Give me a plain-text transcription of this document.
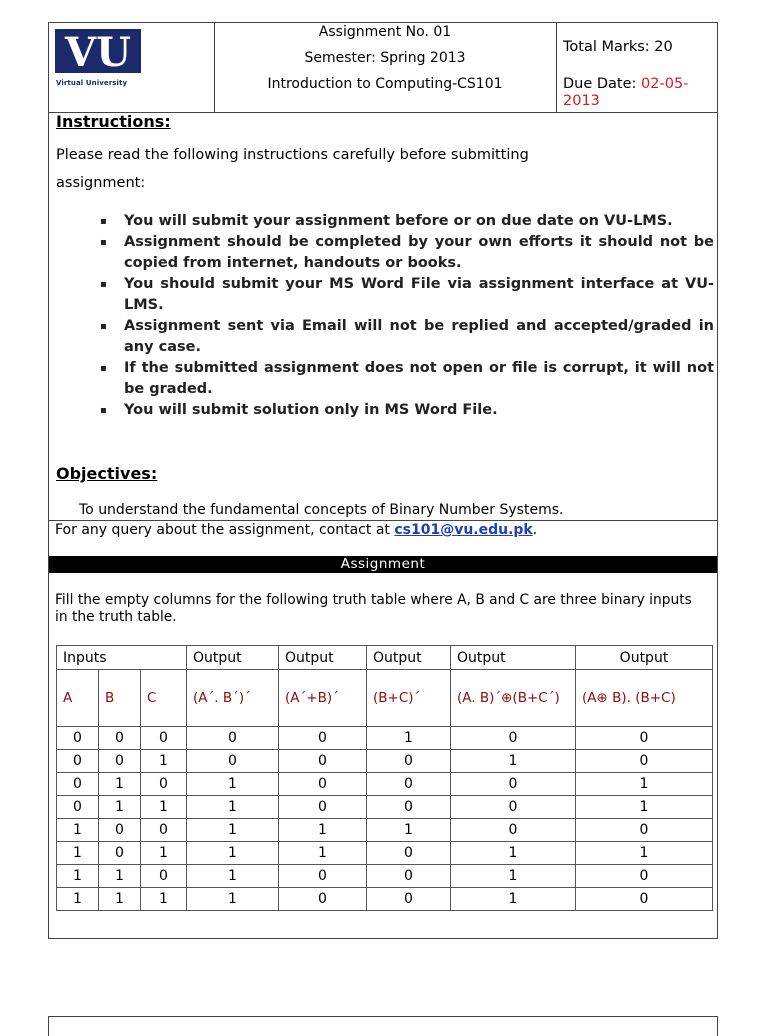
VU
Virtual University
Assignment No. 01
Semester: Spring 2013
Introduction to Computing-CS101
Total Marks: 20
Due Date: 02-05-
2013
Instructions:
Please read the following instructions carefully before submitting
assignment:
▪ You will submit your assignment before or on due date on VU-LMS.
▪ Assignment should be completed by your own efforts it should not be copied from internet, handouts or books.
▪ You should submit your MS Word File via assignment interface at VU-LMS.
▪ Assignment sent via Email will not be replied and accepted/graded in any case.
▪ If the submitted assignment does not open or file is corrupt, it will not be graded.
▪ You will submit solution only in MS Word File.
Objectives:
To understand the fundamental concepts of Binary Number Systems.
For any query about the assignment, contact at cs101@vu.edu.pk.
Assignment
Fill the empty columns for the following truth table where A, B and C are three binary inputs in the truth table.
Inputs			Output	Output	Output	Output	Output
A	B	C	(A´. B´)´	(A´+B)´	(B+C)´	(A. B)´⊕(B+C´)	(A⊕ B). (B+C)
0	0	0	0	0	1	0	0
0	0	1	0	0	0	1	0
0	1	0	1	0	0	0	1
0	1	1	1	0	0	0	1
1	0	0	1	1	1	0	0
1	0	1	1	1	0	1	1
1	1	0	1	0	0	1	0
1	1	1	1	0	0	1	0
